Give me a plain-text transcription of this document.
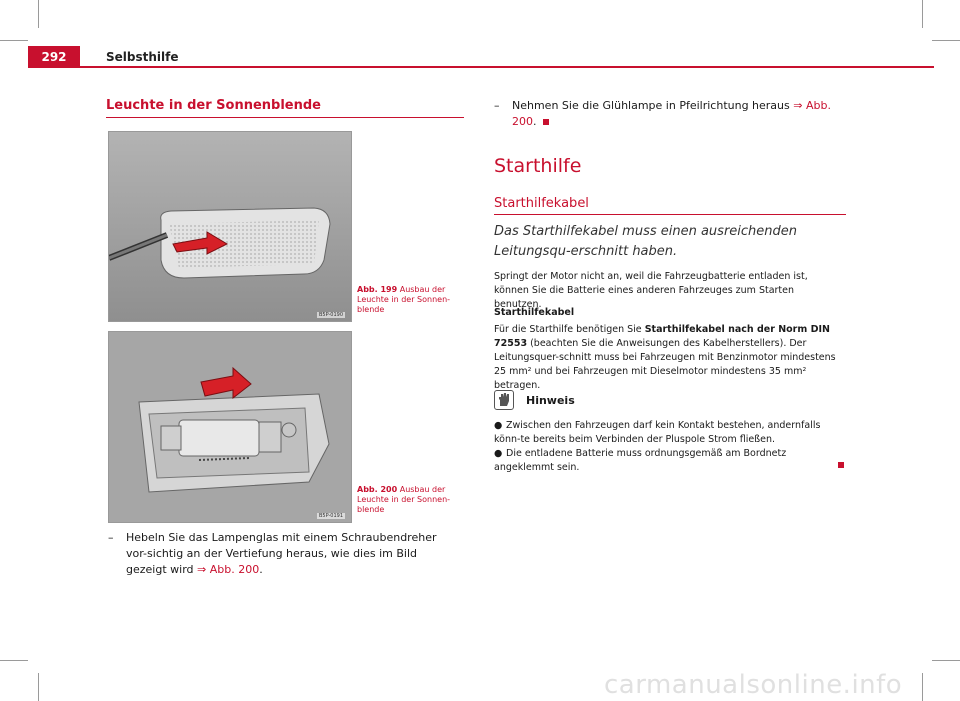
292	Selbsthilfe
Leuchte in der Sonnenblende
B5P-0190
Abb. 199 Ausbau der Leuchte in der Sonnen-blende
B5P-0191
Abb. 200 Ausbau der Leuchte in der Sonnen-blende
–	Hebeln Sie das Lampenglas mit einem Schraubendreher vor-sichtig an der Vertiefung heraus, wie dies im Bild gezeigt wird ⇒ Abb. 200.
–	Nehmen Sie die Glühlampe in Pfeilrichtung heraus ⇒ Abb. 200.
Starthilfe
Starthilfekabel
Das Starthilfekabel muss einen ausreichenden Leitungsqu-erschnitt haben.
Springt der Motor nicht an, weil die Fahrzeugbatterie entladen ist, können Sie die Batterie eines anderen Fahrzeuges zum Starten benutzen.
Starthilfekabel
Für die Starthilfe benötigen Sie Starthilfekabel nach der Norm DIN 72553 (beachten Sie die Anweisungen des Kabelherstellers). Der Leitungsquer-schnitt muss bei Fahrzeugen mit Benzinmotor mindestens 25 mm² und bei Fahrzeugen mit Dieselmotor mindestens 35 mm² betragen.
Hinweis
● Zwischen den Fahrzeugen darf kein Kontakt bestehen, andernfalls könn-te bereits beim Verbinden der Pluspole Strom fließen.
● Die entladene Batterie muss ordnungsgemäß am Bordnetz angeklemmt sein.
carmanualsonline.info
